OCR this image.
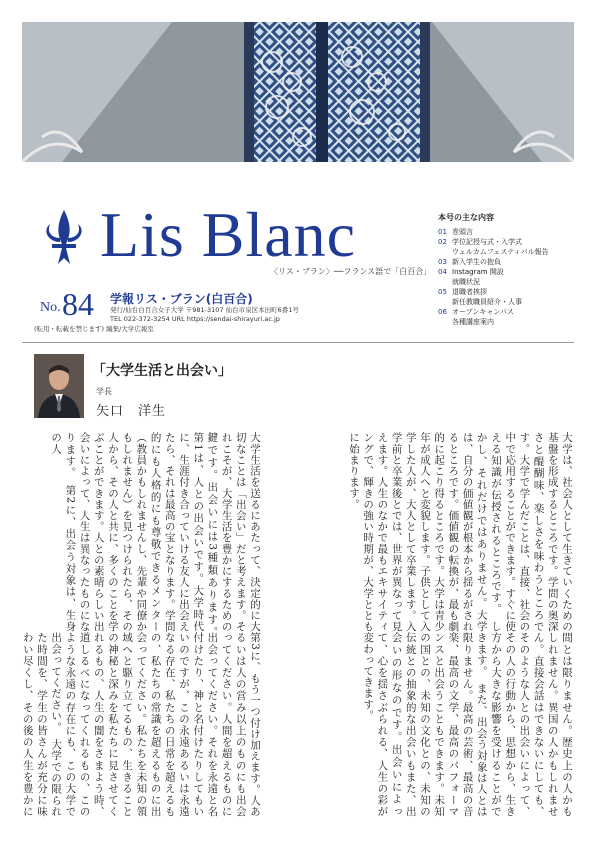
Lis Blanc
〈リス・ブラン〉──フランス語で「白百合」
No. 84 学報リス・ブラン(白百合)
発行/仙台白百合女子大学 〒981-3107 仙台市泉区本田町6番1号
TEL 022-372-3254 URL https://sendai-shirayuri.ac.jp
(転用・転載を禁じます) 編集/大学広報室
本号の主な内容
01 巻頭言
02 学位記授与式・入学式
ウェルカムフェスティバル報告
03 新入学生の抱負
04 Instagram 開設
就職状況
05 退職者挨拶
新任教職員紹介・人事
06 オープンキャンパス
各種講座案内
「大学生活と出会い」
学長
矢口　洋生
大学は、社会人として生きていくための基盤を形成するところです。学問の奥深さと醍醐味、楽しさを味わうところです。大学で学んだことは、直接、社会の中で応用することができます。すぐに使える知識が伝授されるところです。　しかし、それだけではありません。大学は、自分の価値観が根本から揺るがされるところです。価値観の転換が、最も劇的に起こり得るところです。大学は青少年が成人へと変貌します。子供として入学した人が、大人として卒業します。入学前と卒業後とでは、世界が異なって見えます。人生のなかで最もエキサイティングで、輝きの強い時期が、大学とともに始まります。
大学生活を送るにあたって、決定的に大切なことは「出会い」だと考えます。それこそが、大学生活を豊かにするための鍵です。出会いには3種類あります。　第1は、人との出会いです。大学時代に、生涯付き合っていける友人に出会えたら、それは最高の宝となります。学問的にも人格的にも尊敬できるメンター（教員かもしれませんし、先輩や同僚かもしれません）を見つけられたら、その人から、その人と共に、多くのことを学ぶことができます。人との素晴らしい出会いによって、人生は異なったものになります。　第2に、出会う対象は、生身の人
間とは限りません。歴史上の人かもしれません。異国の人かもしれません。直接会話はできないにしても、そのような人との出会いによって、その人の行動から、思想から、生き方から大きな影響を受けることができます。　また、出会う対象は人とは限りません。最高の芸術、最高の音楽、最高の文学、最高のパフォーマンスと出会うこともできます。未知の国との、未知の文化との、未知の伝統との抽象的な出会いもまた、出会いの形なのです。出会いによって、心を揺さぶられる、人生の彩が変わってきます。
第3に、もう一つ付け加えます。人あるいは人の営み以上のものにも出会ってください。人間を超えるものに出会ってください。それを永遠と名付けたり、神と名付けたりしてもいいのですが、この永遠あるいは永遠なる存在、私たちの日常を超えるもの、私たちの常識を超えるものに出会ってください。私たちを未知の領域へと駆り立てるもの、生きることの神秘と深みを私たちに見させてくれるもの、人生の闇をさまよう時、道しるべになってくれるもの、このような永遠の存在にも、この大学で出会ってください。　大学での限られた時間を、学生の皆さんが充分に味わい尽くし、その後の人生を豊かに
